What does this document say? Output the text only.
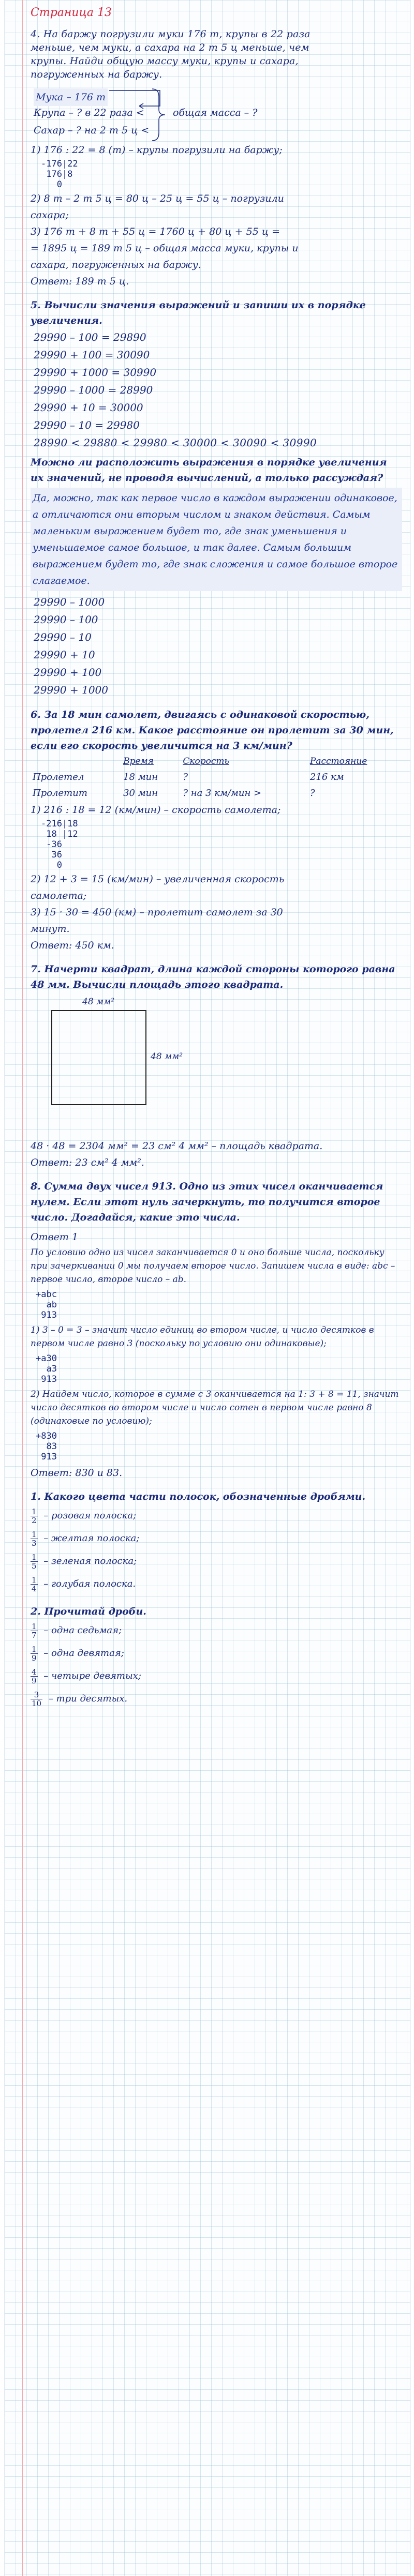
Страница 13
4. На баржу погрузили муки 176 т, крупы в 22 раза
меньше, чем муки, а сахара на 2 т 5 ц меньше, чем
крупы. Найди общую массу муки, крупы и сахара,
погруженных на баржу.
Мука – 176 т
Крупа – ? в 22 раза <
Сахар – ? на 2 т 5 ц <
общая масса – ?
1) 176 : 22 = 8 (т) – крупы погрузили на баржу;
-176|22
176|8
0
2) 8 т – 2 т 5 ц = 80 ц – 25 ц = 55 ц – погрузили
сахара;
3) 176 т + 8 т + 55 ц = 1760 ц + 80 ц + 55 ц =
= 1895 ц = 189 т 5 ц – общая масса муки, крупы и
сахара, погруженных на баржу.
Ответ: 189 т 5 ц.
5. Вычисли значения выражений и запиши их в порядке увеличения.
29990 – 100 = 29890
29990 + 100 = 30090
29990 + 1000 = 30990
29990 – 1000 = 28990
29990 + 10 = 30000
29990 – 10 = 29980
28990 < 29880 < 29980 < 30000 < 30090 < 30990
Можно ли расположить выражения в порядке увеличения их значений, не проводя вычислений, а только рассуждая?
Да, можно, так как первое число в каждом выражении одинаковое, а отличаются они вторым числом и знаком действия. Самым маленьким выражением будет то, где знак уменьшения и уменьшаемое самое большое, и так далее. Самым большим выражением будет то, где знак сложения и самое большое второе слагаемое.
29990 – 1000
29990 – 100
29990 – 10
29990 + 10
29990 + 100
29990 + 1000
6. За 18 мин самолет, двигаясь с одинаковой скоростью, пролетел 216 км. Какое расстояние он пролетит за 30 мин, если его скорость увеличится на 3 км/мин?
	Время	Скорость	Расстояние
Пролетел	18 мин	?	216 км
Пролетит	30 мин	? на 3 км/мин >	?
1) 216 : 18 = 12 (км/мин) – скорость самолета;
-216|18
18 |12
-36
36
0
2) 12 + 3 = 15 (км/мин) – увеличенная скорость
самолета;
3) 15 · 30 = 450 (км) – пролетит самолет за 30
минут.
Ответ: 450 км.
7. Начерти квадрат, длина каждой стороны которого равна 48 мм. Вычисли площадь этого квадрата.
48 мм²
48 мм²
48 · 48 = 2304 мм² = 23 см² 4 мм² – площадь квадрата.
Ответ: 23 см² 4 мм².
8. Сумма двух чисел 913. Одно из этих чисел оканчивается нулем. Если этот нуль зачеркнуть, то получится второе число. Догадайся, какие это числа.
Ответ 1
По условию одно из чисел заканчивается 0 и оно больше числа, поскольку при зачеркивании 0 мы получаем второе число. Запишем числа в виде: abc – первое число, второе число – ab.
+abc
ab
913
1) 3 – 0 = 3 – значит число единиц во втором числе, и число десятков в первом числе равно 3 (поскольку по условию они одинаковые);
+a30
a3
913
2) Найдем число, которое в сумме с 3 оканчивается на 1: 3 + 8 = 11, значит число десятков во втором числе и число сотен в первом числе равно 8 (одинаковые по условию);
+830
83
913
Ответ: 830 и 83.
1. Какого цвета части полосок, обозначенные дробями.
$\frac{1}{2}$ – розовая полоска;
$\frac{1}{3}$ – желтая полоска;
$\frac{1}{5}$ – зеленая полоска;
$\frac{1}{4}$ – голубая полоска.
2. Прочитай дроби.
$\frac{1}{7}$ – одна седьмая;
$\frac{1}{9}$ – одна девятая;
$\frac{4}{9}$ – четыре девятых;
$\frac{3}{10}$ – три десятых.
